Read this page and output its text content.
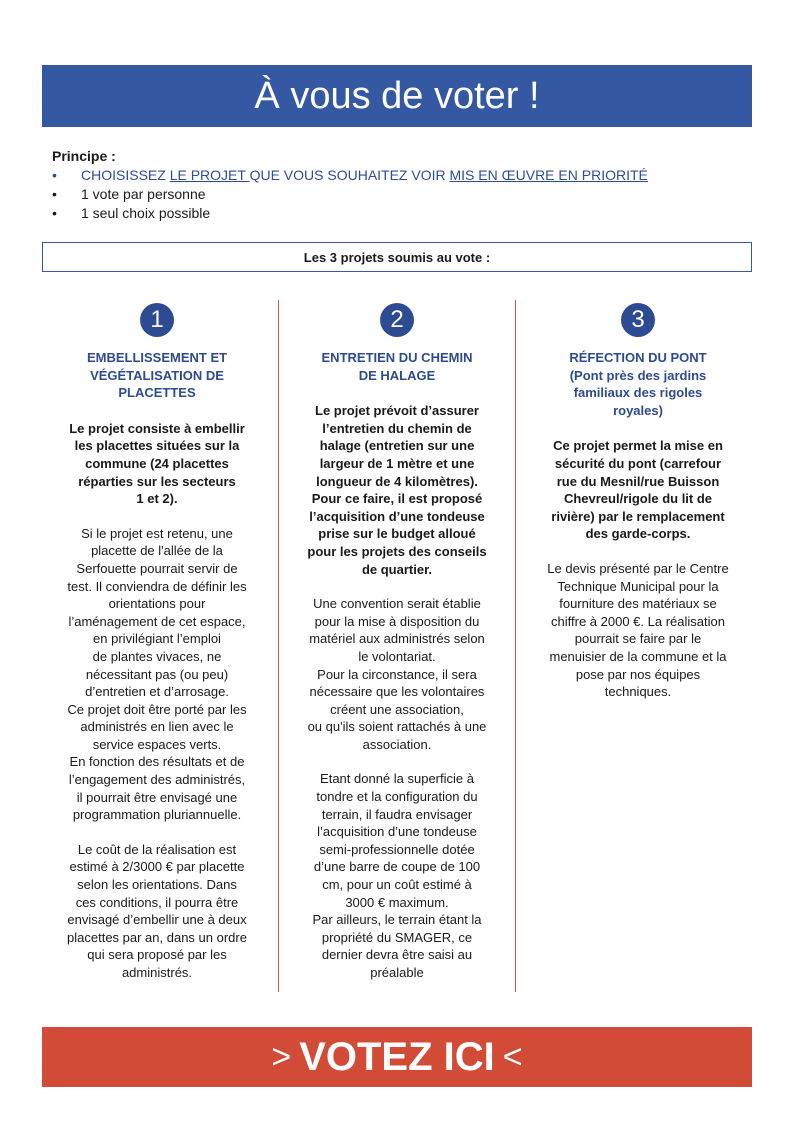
À vous de voter !
Principe :
• CHOISISSEZ LE PROJET QUE VOUS SOUHAITEZ VOIR MIS EN ŒUVRE EN PRIORITÉ
• 1 vote par personne
• 1 seul choix possible
Les 3 projets soumis au vote :
1
EMBELLISSEMENT ET
VÉGÉTALISATION DE
PLACETTES
Le projet consiste à embellir
les placettes situées sur la
commune (24 placettes
réparties sur les secteurs
1 et 2).
Si le projet est retenu, une
placette de l'allée de la
Serfouette pourrait servir de
test. Il conviendra de définir les
orientations pour
l’aménagement de cet espace,
en privilégiant l’emploi
de plantes vivaces, ne
nécessitant pas (ou peu)
d’entretien et d’arrosage.
Ce projet doit être porté par les
administrés en lien avec le
service espaces verts.
En fonction des résultats et de
l’engagement des administrés,
il pourrait être envisagé une
programmation pluriannuelle.
Le coût de la réalisation est
estimé à 2/3000 € par placette
selon les orientations. Dans
ces conditions, il pourra être
envisagé d’embellir une à deux
placettes par an, dans un ordre
qui sera proposé par les
administrés.
2
ENTRETIEN DU CHEMIN
DE HALAGE
Le projet prévoit d’assurer
l’entretien du chemin de
halage (entretien sur une
largeur de 1 mètre et une
longueur de 4 kilomètres).
Pour ce faire, il est proposé
l’acquisition d’une tondeuse
prise sur le budget alloué
pour les projets des conseils
de quartier.
Une convention serait établie
pour la mise à disposition du
matériel aux administrés selon
le volontariat.
Pour la circonstance, il sera
nécessaire que les volontaires
créent une association,
ou qu'ils soient rattachés à une
association.
Etant donné la superficie à
tondre et la configuration du
terrain, il faudra envisager
l’acquisition d’une tondeuse
semi-professionnelle dotée
d’une barre de coupe de 100
cm, pour un coût estimé à
3000 € maximum.
Par ailleurs, le terrain étant la
propriété du SMAGER, ce
dernier devra être saisi au
préalable
3
RÉFECTION DU PONT
(Pont près des jardins
familiaux des rigoles
royales)
Ce projet permet la mise en
sécurité du pont (carrefour
rue du Mesnil/rue Buisson
Chevreul/rigole du lit de
rivière) par le remplacement
des garde-corps.
Le devis présenté par le Centre
Technique Municipal pour la
fourniture des matériaux se
chiffre à 2000 €. La réalisation
pourrait se faire par le
menuisier de la commune et la
pose par nos équipes
techniques.
> VOTEZ ICI <
